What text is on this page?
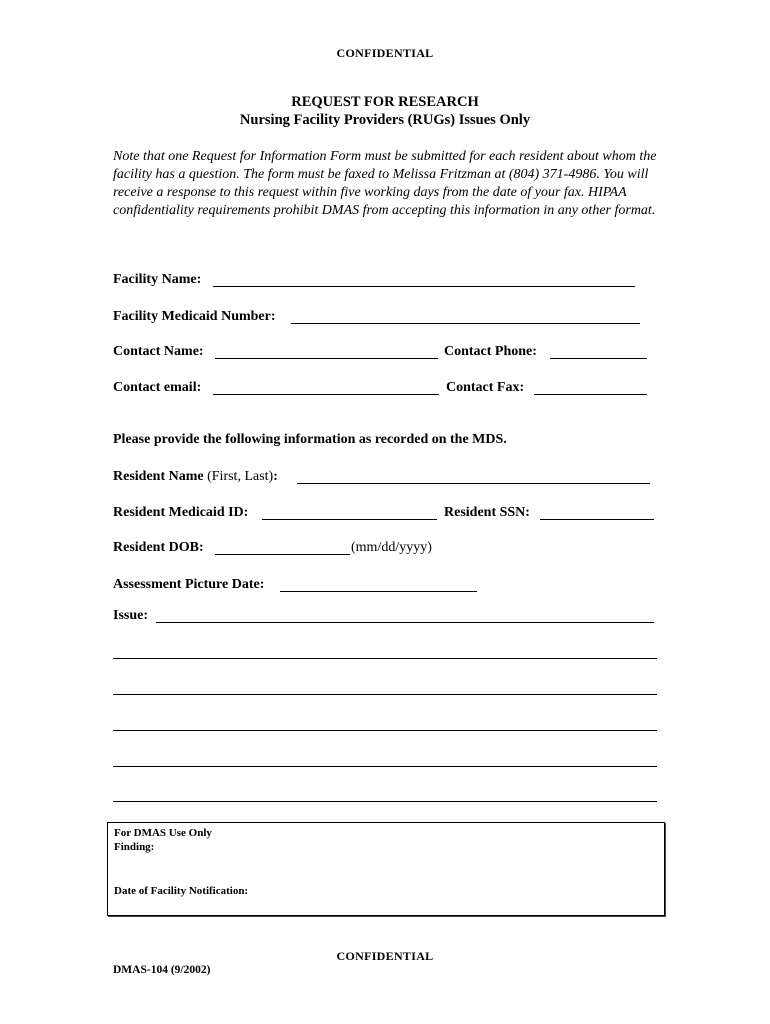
CONFIDENTIAL
REQUEST FOR RESEARCH
Nursing Facility Providers (RUGs) Issues Only
Note that one Request for Information Form must be submitted for each resident about whom the facility has a question. The form must be faxed to Melissa Fritzman at (804) 371-4986. You will receive a response to this request within five working days from the date of your fax. HIPAA confidentiality requirements prohibit DMAS from accepting this information in any other format.
Facility Name:
Facility Medicaid Number:
Contact Name:	Contact Phone:
Contact email:	Contact Fax:
Please provide the following information as recorded on the MDS.
Resident Name (First, Last):
Resident Medicaid ID:	Resident SSN:
Resident DOB:	(mm/dd/yyyy)
Assessment Picture Date:
Issue:
For DMAS Use Only
Finding:
Date of Facility Notification:
CONFIDENTIAL
DMAS-104 (9/2002)
